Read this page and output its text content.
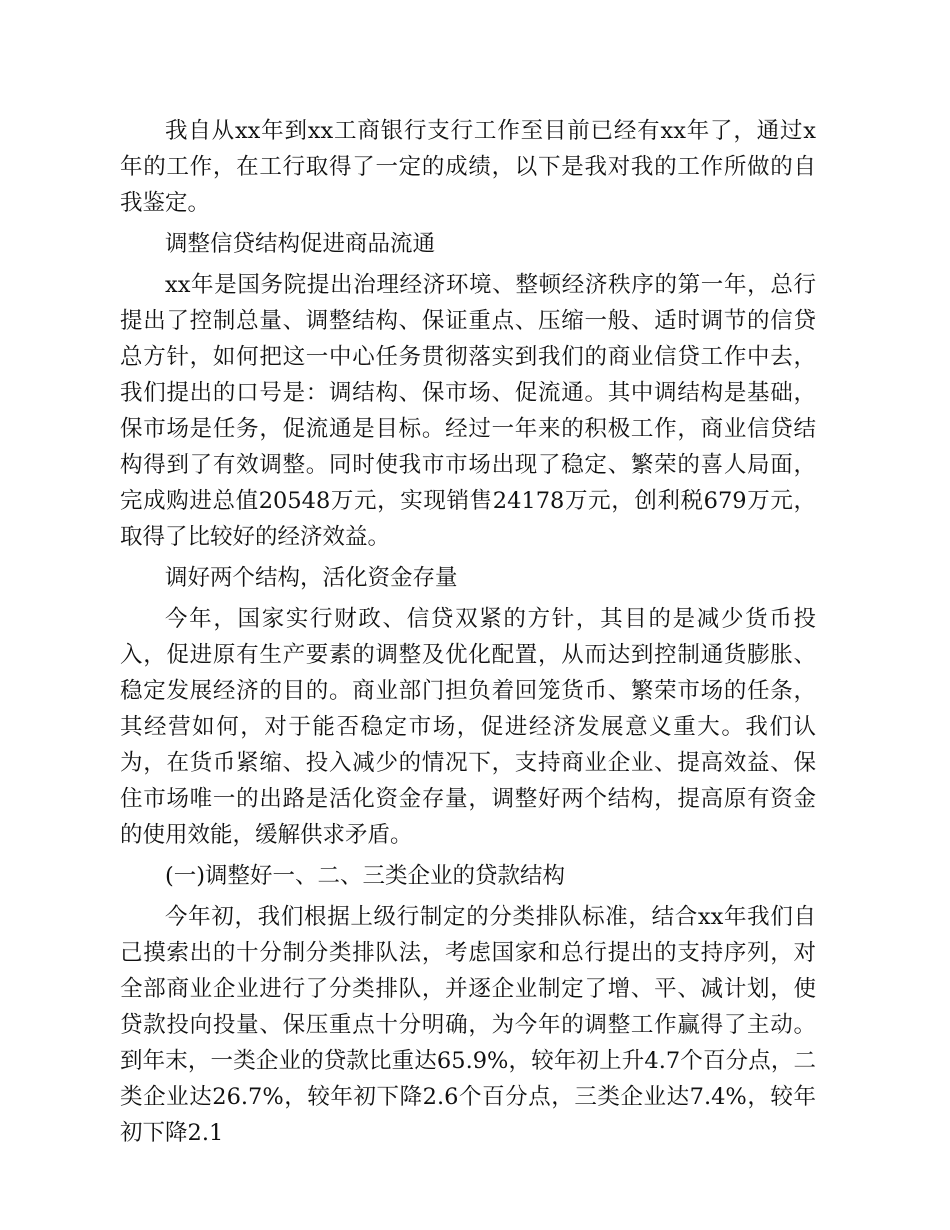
我自从xx年到xx工商银行支行工作至目前已经有xx年了，通过x年的工作，在工行取得了一定的成绩，以下是我对我的工作所做的自我鉴定。

调整信贷结构促进商品流通

xx年是国务院提出治理经济环境、整顿经济秩序的第一年，总行提出了控制总量、调整结构、保证重点、压缩一般、适时调节的信贷总方针，如何把这一中心任务贯彻落实到我们的商业信贷工作中去，我们提出的口号是：调结构、保市场、促流通。其中调结构是基础，保市场是任务，促流通是目标。经过一年来的积极工作，商业信贷结构得到了有效调整。同时使我市市场出现了稳定、繁荣的喜人局面，完成购进总值20548万元，实现销售24178万元，创利税679万元，取得了比较好的经济效益。

调好两个结构，活化资金存量

今年，国家实行财政、信贷双紧的方针，其目的是减少货币投入，促进原有生产要素的调整及优化配置，从而达到控制通货膨胀、稳定发展经济的目的。商业部门担负着回笼货币、繁荣市场的任条，其经营如何，对于能否稳定市场，促进经济发展意义重大。我们认为，在货币紧缩、投入减少的情况下，支持商业企业、提高效益、保住市场唯一的出路是活化资金存量，调整好两个结构，提高原有资金的使用效能，缓解供求矛盾。

(一)调整好一、二、三类企业的贷款结构

今年初，我们根据上级行制定的分类排队标准，结合xx年我们自己摸索出的十分制分类排队法，考虑国家和总行提出的支持序列，对全部商业企业进行了分类排队，并逐企业制定了增、平、减计划，使贷款投向投量、保压重点十分明确，为今年的调整工作赢得了主动。到年末，一类企业的贷款比重达65.9%，较年初上升4.7个百分点，二类企业达26.7%，较年初下降2.6个百分点，三类企业达7.4%，较年初下降2.1
